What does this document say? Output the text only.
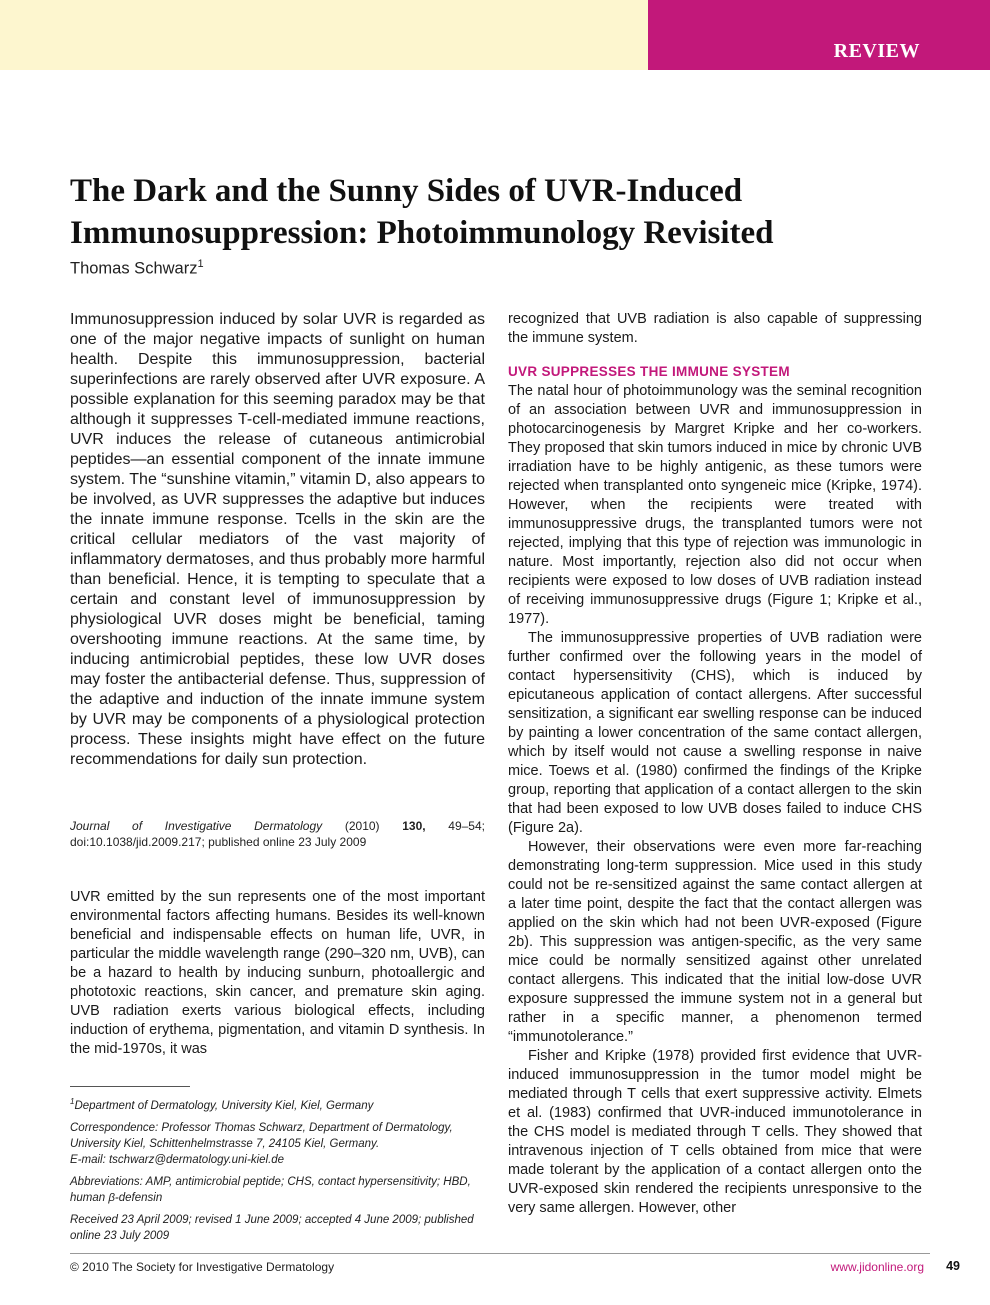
REVIEW
The Dark and the Sunny Sides of UVR-Induced Immunosuppression: Photoimmunology Revisited
Thomas Schwarz$^1$

Immunosuppression induced by solar UVR is regarded as one of the major negative impacts of sunlight on human health. Despite this immunosuppression, bacterial superinfections are rarely observed after UVR exposure. A possible explanation for this seeming paradox may be that although it suppresses T-cell-mediated immune reactions, UVR induces the release of cutaneous antimicrobial peptides—an essential component of the innate immune system. The “sunshine vitamin,” vitamin D, also appears to be involved, as UVR suppresses the adaptive but induces the innate immune response. Tcells in the skin are the critical cellular mediators of the vast majority of inflammatory dermatoses, and thus probably more harmful than beneficial. Hence, it is tempting to speculate that a certain and constant level of immunosuppression by physiological UVR doses might be beneficial, taming overshooting immune reactions. At the same time, by inducing antimicrobial peptides, these low UVR doses may foster the antibacterial defense. Thus, suppression of the adaptive and induction of the innate immune system by UVR may be components of a physiological protection process. These insights might have effect on the future recommendations for daily sun protection.

Journal of Investigative Dermatology (2010) 130, 49–54; doi:10.1038/jid.2009.217; published online 23 July 2009

UVR emitted by the sun represents one of the most important environmental factors affecting humans. Besides its well-known beneficial and indispensable effects on human life, UVR, in particular the middle wavelength range (290–320 nm, UVB), can be a hazard to health by inducing sunburn, photoallergic and phototoxic reactions, skin cancer, and premature skin aging. UVB radiation exerts various biological effects, including induction of erythema, pigmentation, and vitamin D synthesis. In the mid-1970s, it was

$^1$Department of Dermatology, University Kiel, Kiel, Germany

Correspondence: Professor Thomas Schwarz, Department of Dermatology, University Kiel, Schittenhelmstrasse 7, 24105 Kiel, Germany.
E-mail: tschwarz@dermatology.uni-kiel.de

Abbreviations: AMP, antimicrobial peptide; CHS, contact hypersensitivity; HBD, human β-defensin

Received 23 April 2009; revised 1 June 2009; accepted 4 June 2009; published online 23 July 2009

recognized that UVB radiation is also capable of suppressing the immune system.

UVR SUPPRESSES THE IMMUNE SYSTEM

The natal hour of photoimmunology was the seminal recognition of an association between UVR and immunosuppression in photocarcinogenesis by Margret Kripke and her co-workers. They proposed that skin tumors induced in mice by chronic UVB irradiation have to be highly antigenic, as these tumors were rejected when transplanted onto syngeneic mice (Kripke, 1974). However, when the recipients were treated with immunosuppressive drugs, the transplanted tumors were not rejected, implying that this type of rejection was immunologic in nature. Most importantly, rejection also did not occur when recipients were exposed to low doses of UVB radiation instead of receiving immunosuppressive drugs (Figure 1; Kripke et al., 1977).

The immunosuppressive properties of UVB radiation were further confirmed over the following years in the model of contact hypersensitivity (CHS), which is induced by epicutaneous application of contact allergens. After successful sensitization, a significant ear swelling response can be induced by painting a lower concentration of the same contact allergen, which by itself would not cause a swelling response in naive mice. Toews et al. (1980) confirmed the findings of the Kripke group, reporting that application of a contact allergen to the skin that had been exposed to low UVB doses failed to induce CHS (Figure 2a).

However, their observations were even more far-reaching demonstrating long-term suppression. Mice used in this study could not be re-sensitized against the same contact allergen at a later time point, despite the fact that the contact allergen was applied on the skin which had not been UVR-exposed (Figure 2b). This suppression was antigen-specific, as the very same mice could be normally sensitized against other unrelated contact allergens. This indicated that the initial low-dose UVR exposure suppressed the immune system not in a general but rather in a specific manner, a phenomenon termed “immunotolerance.”

Fisher and Kripke (1978) provided first evidence that UVR-induced immunosuppression in the tumor model might be mediated through T cells that exert suppressive activity. Elmets et al. (1983) confirmed that UVR-induced immunotolerance in the CHS model is mediated through T cells. They showed that intravenous injection of T cells obtained from mice that were made tolerant by the application of a contact allergen onto the UVR-exposed skin rendered the recipients unresponsive to the very same allergen. However, other

© 2010 The Society for Investigative Dermatology	www.jidonline.org 49
